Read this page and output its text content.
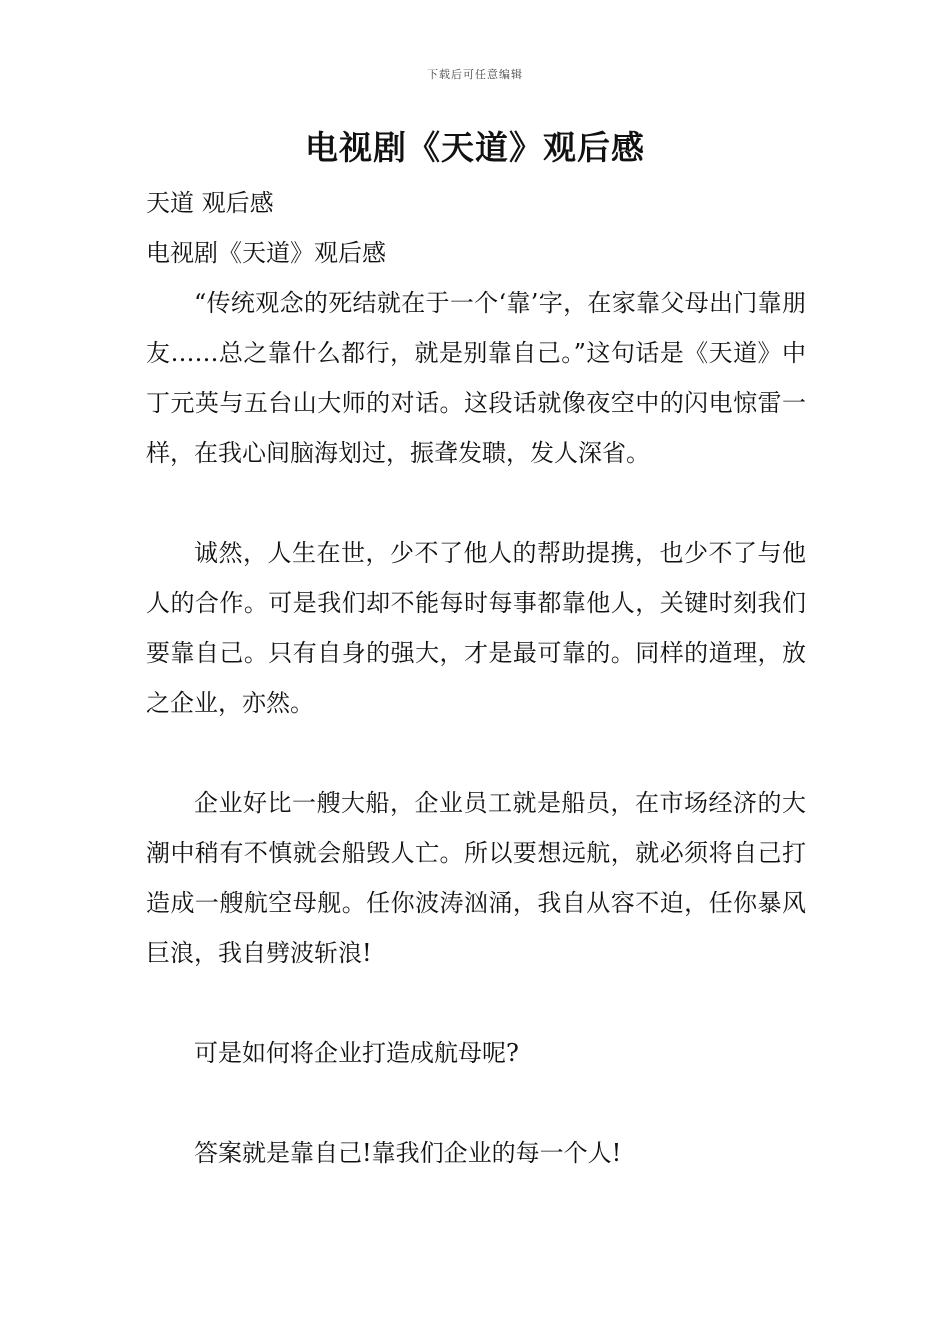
下载后可任意编辑
电视剧《天道》观后感

天道 观后感

电视剧《天道》观后感

“传统观念的死结就在于一个‘靠’字，在家靠父母出门靠朋友……总之靠什么都行，就是别靠自己。”这句话是《天道》中丁元英与五台山大师的对话。这段话就像夜空中的闪电惊雷一样，在我心间脑海划过，振聋发聩，发人深省。

诚然，人生在世，少不了他人的帮助提携，也少不了与他人的合作。可是我们却不能每时每事都靠他人，关键时刻我们要靠自己。只有自身的强大，才是最可靠的。同样的道理，放之企业，亦然。

企业好比一艘大船，企业员工就是船员，在市场经济的大潮中稍有不慎就会船毁人亡。所以要想远航，就必须将自己打造成一艘航空母舰。任你波涛汹涌，我自从容不迫，任你暴风巨浪，我自劈波斩浪!

可是如何将企业打造成航母呢?

答案就是靠自己!靠我们企业的每一个人!
